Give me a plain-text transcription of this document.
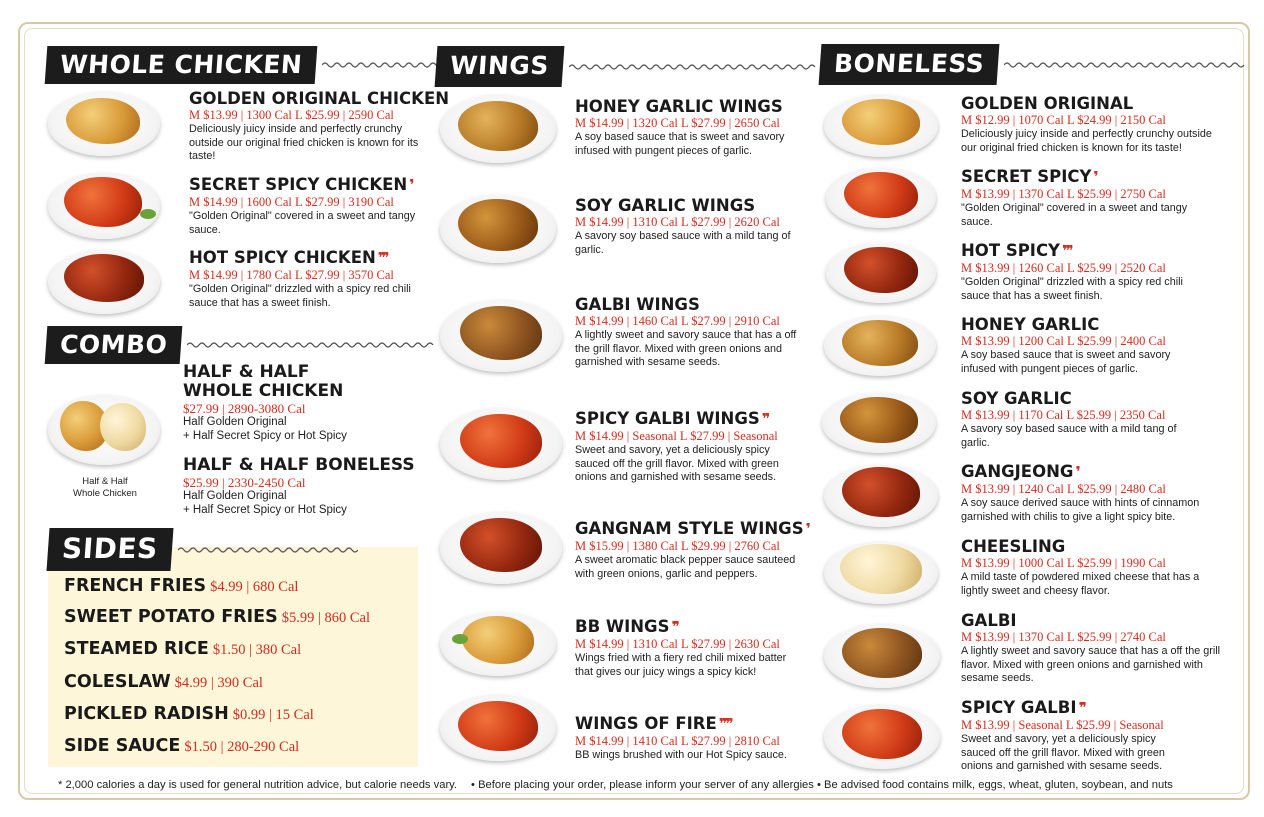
WHOLE CHICKEN
GOLDEN ORIGINAL CHICKEN
M $13.99 | 1300 Cal L $25.99 | 2590 Cal
Deliciously juicy inside and perfectly crunchy outside our original fried chicken is known for its taste!
SECRET SPICY CHICKEN ❜
M $14.99 | 1600 Cal L $27.99 | 3190 Cal
"Golden Original" covered in a sweet and tangy sauce.
HOT SPICY CHICKEN ❜❜❜
M $14.99 | 1780 Cal L $27.99 | 3570 Cal
"Golden Original" drizzled with a spicy red chili sauce that has a sweet finish.
COMBO
Half & Half
Whole Chicken
HALF & HALF
WHOLE CHICKEN
$27.99 | 2890-3080 Cal
Half Golden Original
+ Half Secret Spicy or Hot Spicy
HALF & HALF BONELESS
$25.99 | 2330-2450 Cal
Half Golden Original
+ Half Secret Spicy or Hot Spicy
SIDES
FRENCH FRIES $4.99 | 680 Cal
SWEET POTATO FRIES $5.99 | 860 Cal
STEAMED RICE $1.50 | 380 Cal
COLESLAW $4.99 | 390 Cal
PICKLED RADISH $0.99 | 15 Cal
SIDE SAUCE $1.50 | 280-290 Cal
WINGS
HONEY GARLIC WINGS
M $14.99 | 1320 Cal L $27.99 | 2650 Cal
A soy based sauce that is sweet and savory infused with pungent pieces of garlic.
SOY GARLIC WINGS
M $14.99 | 1310 Cal L $27.99 | 2620 Cal
A savory soy based sauce with a mild tang of garlic.
GALBI WINGS
M $14.99 | 1460 Cal L $27.99 | 2910 Cal
A lightly sweet and savory sauce that has a off the grill flavor. Mixed with green onions and garnished with sesame seeds.
SPICY GALBI WINGS ❜❜
M $14.99 | Seasonal L $27.99 | Seasonal
Sweet and savory, yet a deliciously spicy sauced off the grill flavor. Mixed with green onions and garnished with sesame seeds.
GANGNAM STYLE WINGS ❜
M $15.99 | 1380 Cal L $29.99 | 2760 Cal
A sweet aromatic black pepper sauce sauteed with green onions, garlic and peppers.
BB WINGS ❜❜
M $14.99 | 1310 Cal L $27.99 | 2630 Cal
Wings fried with a fiery red chili mixed batter that gives our juicy wings a spicy kick!
WINGS OF FIRE ❜❜❜❜
M $14.99 | 1410 Cal L $27.99 | 2810 Cal
BB wings brushed with our Hot Spicy sauce.
BONELESS
GOLDEN ORIGINAL
M $12.99 | 1070 Cal L $24.99 | 2150 Cal
Deliciously juicy inside and perfectly crunchy outside our original fried chicken is known for its taste!
SECRET SPICY ❜
M $13.99 | 1370 Cal L $25.99 | 2750 Cal
"Golden Original" covered in a sweet and tangy sauce.
HOT SPICY ❜❜❜
M $13.99 | 1260 Cal L $25.99 | 2520 Cal
"Golden Original" drizzled with a spicy red chili sauce that has a sweet finish.
HONEY GARLIC
M $13.99 | 1200 Cal L $25.99 | 2400 Cal
A soy based sauce that is sweet and savory infused with pungent pieces of garlic.
SOY GARLIC
M $13.99 | 1170 Cal L $25.99 | 2350 Cal
A savory soy based sauce with a mild tang of garlic.
GANGJEONG ❜
M $13.99 | 1240 Cal L $25.99 | 2480 Cal
A soy sauce derived sauce with hints of cinnamon garnished with chilis to give a light spicy bite.
CHEESLING
M $13.99 | 1000 Cal L $25.99 | 1990 Cal
A mild taste of powdered mixed cheese that has a lightly sweet and cheesy flavor.
GALBI
M $13.99 | 1370 Cal L $25.99 | 2740 Cal
A lightly sweet and savory sauce that has a off the grill flavor. Mixed with green onions and garnished with sesame seeds.
SPICY GALBI ❜❜
M $13.99 | Seasonal L $25.99 | Seasonal
Sweet and savory, yet a deliciously spicy sauced off the grill flavor. Mixed with green onions and garnished with sesame seeds.
* 2,000 calories a day is used for general nutrition advice, but calorie needs vary. • Before placing your order, please inform your server of any allergies • Be advised food contains milk, eggs, wheat, gluten, soybean, and nuts
